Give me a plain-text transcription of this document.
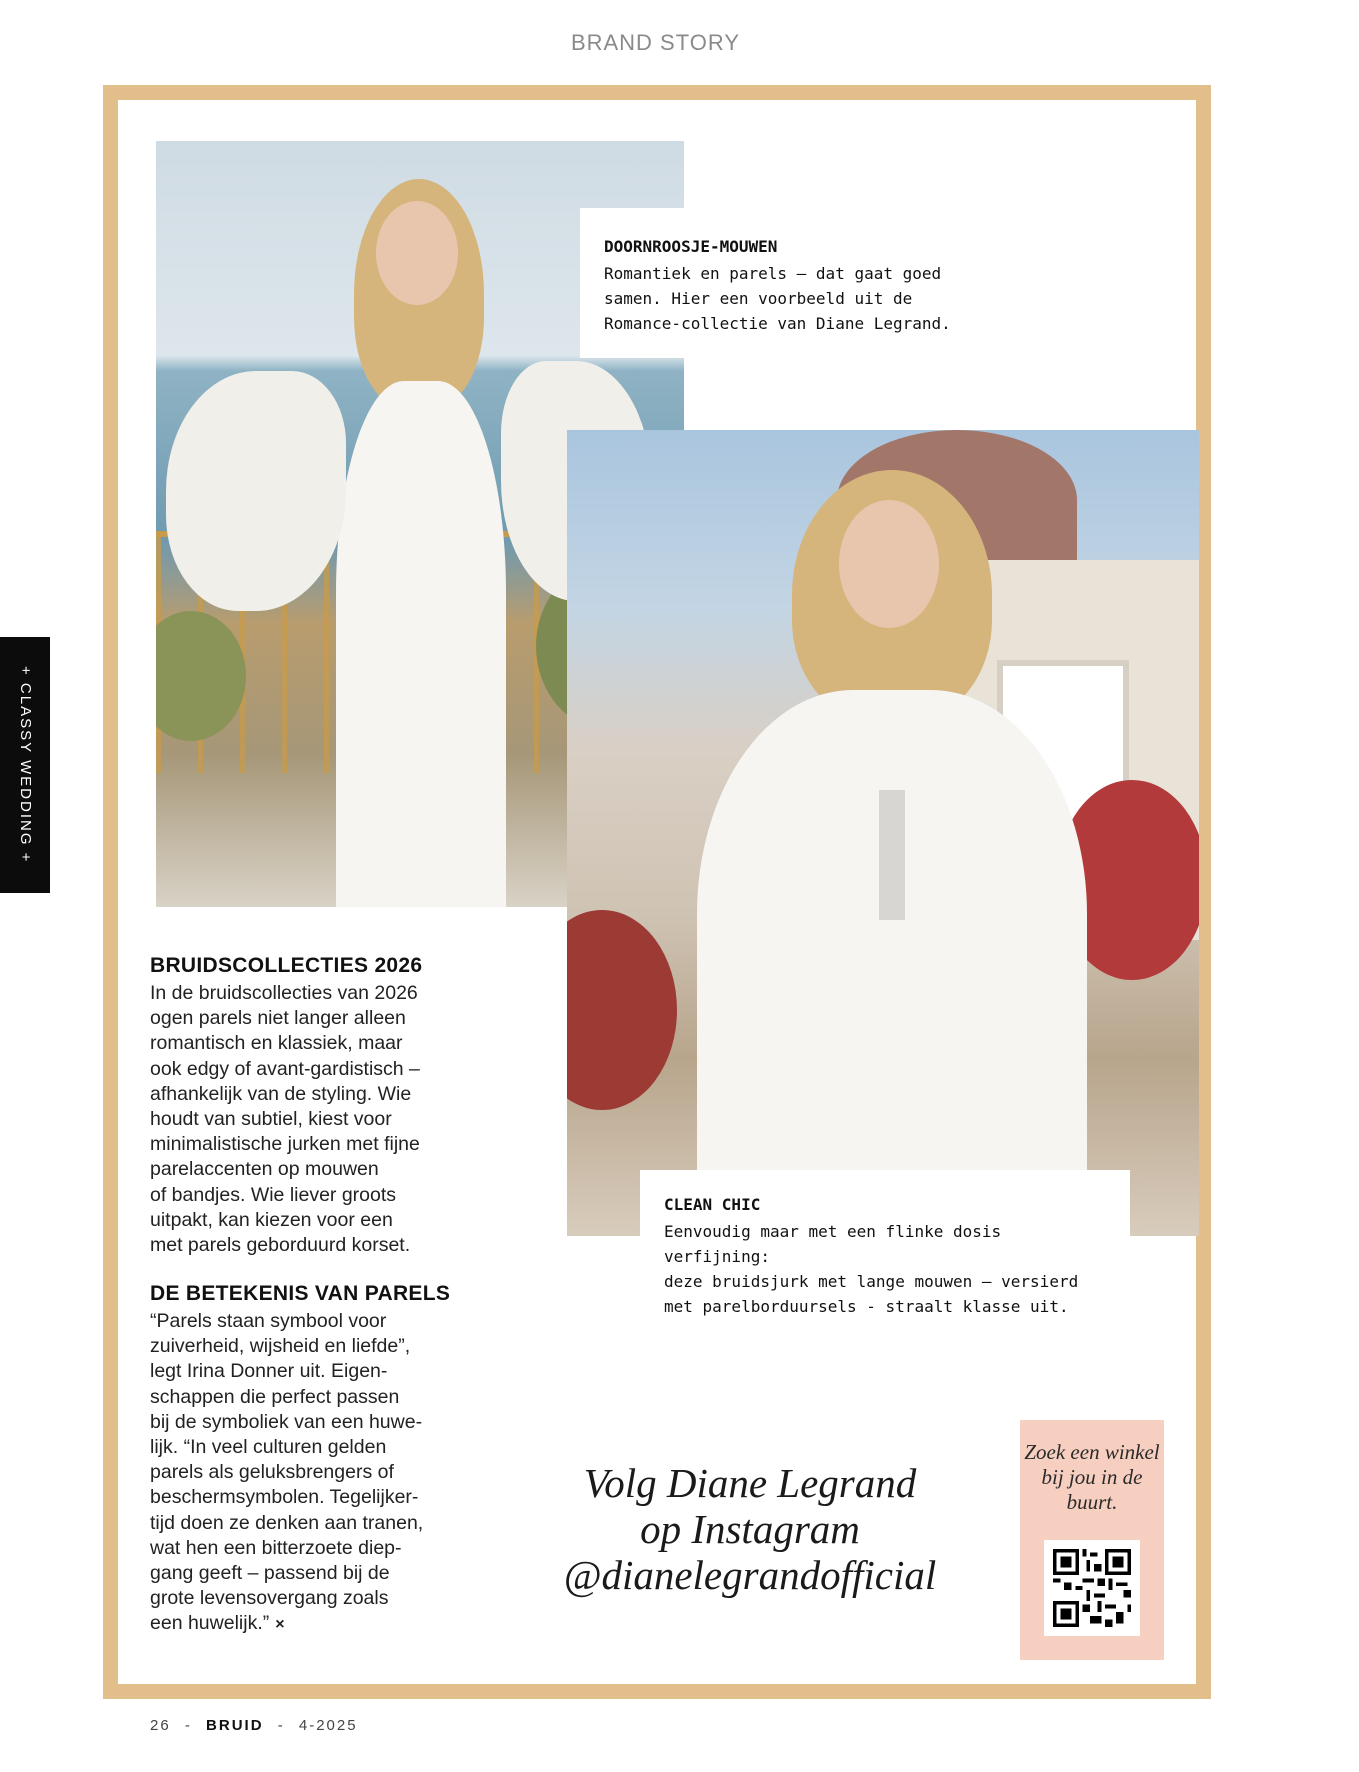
BRAND STORY
+ CLASSY WEDDING +
DOORNROOSJE-MOUWEN
Romantiek en parels – dat gaat goed
samen. Hier een voorbeeld uit de
Romance-collectie van Diane Legrand.
CLEAN CHIC
Eenvoudig maar met een flinke dosis verfijning:
deze bruidsjurk met lange mouwen – versierd
met parelborduursels - straalt klasse uit.
BRUIDSCOLLECTIES 2026

In de bruidscollecties van 2026
ogen parels niet langer alleen
romantisch en klassiek, maar
ook edgy of avant-gardistisch –
afhankelijk van de styling. Wie
houdt van subtiel, kiest voor
minimalistische jurken met fijne
parelaccenten op mouwen
of bandjes. Wie liever groots
uitpakt, kan kiezen voor een
met parels geborduurd korset.

DE BETEKENIS VAN PARELS

“Parels staan symbool voor
zuiverheid, wijsheid en liefde”,
legt Irina Donner uit. Eigen-
schappen die perfect passen
bij de symboliek van een huwe-
lijk. “In veel culturen gelden
parels als geluksbrengers of
beschermsymbolen. Tegelijker-
tijd doen ze denken aan tranen,
wat hen een bitterzoete diep-
gang geeft – passend bij de
grote levensovergang zoals
een huwelijk.” ×

Volg Diane Legrand
op Instagram
@dianelegrandofficial
Zoek een winkel bij jou in de buurt.
26 - BRUID - 4-2025
